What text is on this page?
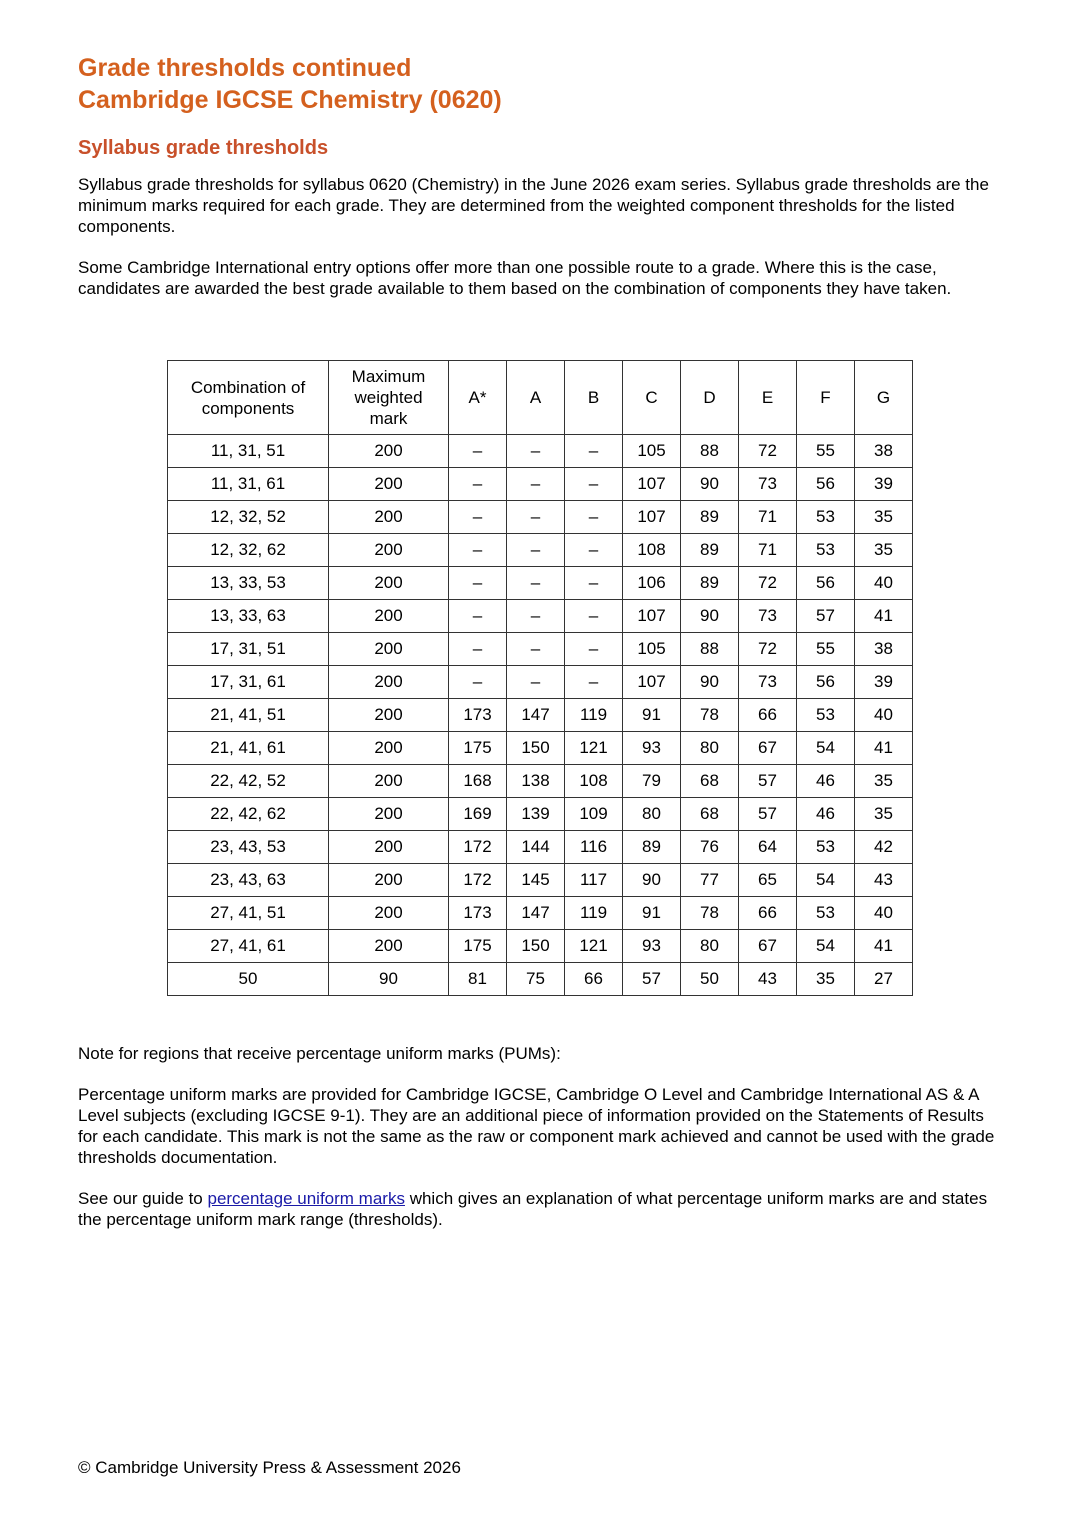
Grade thresholds continued
Cambridge IGCSE Chemistry (0620)
Syllabus grade thresholds

Syllabus grade thresholds for syllabus 0620 (Chemistry) in the June 2026 exam series. Syllabus grade thresholds are the minimum marks required for each grade. They are determined from the weighted component thresholds for the listed components.

Some Cambridge International entry options offer more than one possible route to a grade. Where this is the case, candidates are awarded the best grade available to them based on the combination of components they have taken.

Combination of
components	Maximum
weighted
mark	A*	A	B	C	D	E	F	G
11, 31, 51	200	–	–	–	105	88	72	55	38
11, 31, 61	200	–	–	–	107	90	73	56	39
12, 32, 52	200	–	–	–	107	89	71	53	35
12, 32, 62	200	–	–	–	108	89	71	53	35
13, 33, 53	200	–	–	–	106	89	72	56	40
13, 33, 63	200	–	–	–	107	90	73	57	41
17, 31, 51	200	–	–	–	105	88	72	55	38
17, 31, 61	200	–	–	–	107	90	73	56	39
21, 41, 51	200	173	147	119	91	78	66	53	40
21, 41, 61	200	175	150	121	93	80	67	54	41
22, 42, 52	200	168	138	108	79	68	57	46	35
22, 42, 62	200	169	139	109	80	68	57	46	35
23, 43, 53	200	172	144	116	89	76	64	53	42
23, 43, 63	200	172	145	117	90	77	65	54	43
27, 41, 51	200	173	147	119	91	78	66	53	40
27, 41, 61	200	175	150	121	93	80	67	54	41
50	90	81	75	66	57	50	43	35	27

Note for regions that receive percentage uniform marks (PUMs):

Percentage uniform marks are provided for Cambridge IGCSE, Cambridge O Level and Cambridge International AS & A Level subjects (excluding IGCSE 9-1). They are an additional piece of information provided on the Statements of Results for each candidate. This mark is not the same as the raw or component mark achieved and cannot be used with the grade thresholds documentation.

See our guide to percentage uniform marks which gives an explanation of what percentage uniform marks are and states the percentage uniform mark range (thresholds).

© Cambridge University Press & Assessment 2026
